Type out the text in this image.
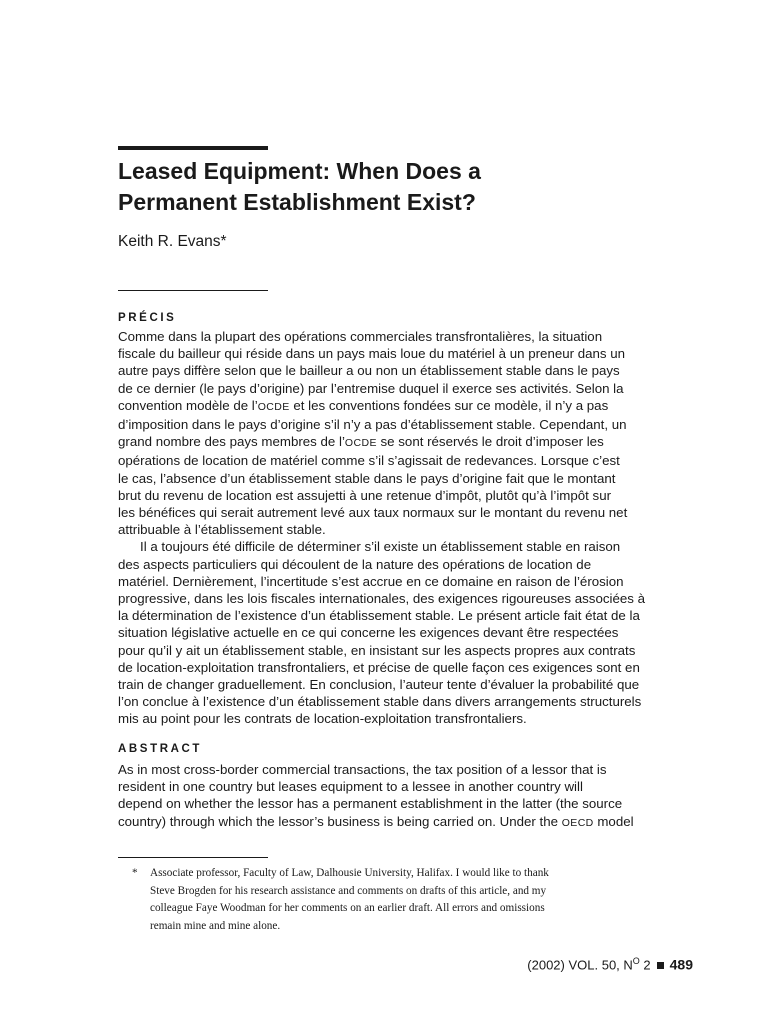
Leased Equipment: When Does a
Permanent Establishment Exist?

Keith R. Evans*

PRÉCIS

Comme dans la plupart des opérations commerciales transfrontalières, la situation
fiscale du bailleur qui réside dans un pays mais loue du matériel à un preneur dans un
autre pays diffère selon que le bailleur a ou non un établissement stable dans le pays
de ce dernier (le pays d’origine) par l’entremise duquel il exerce ses activités. Selon la
convention modèle de l’OCDE et les conventions fondées sur ce modèle, il n’y a pas
d’imposition dans le pays d’origine s’il n’y a pas d’établissement stable. Cependant, un
grand nombre des pays membres de l’OCDE se sont réservés le droit d’imposer les
opérations de location de matériel comme s’il s’agissait de redevances. Lorsque c’est
le cas, l’absence d’un établissement stable dans le pays d’origine fait que le montant
brut du revenu de location est assujetti à une retenue d’impôt, plutôt qu’à l’impôt sur
les bénéfices qui serait autrement levé aux taux normaux sur le montant du revenu net
attribuable à l’établissement stable.

Il a toujours été difficile de déterminer s’il existe un établissement stable en raison
des aspects particuliers qui découlent de la nature des opérations de location de
matériel. Dernièrement, l’incertitude s’est accrue en ce domaine en raison de l’érosion
progressive, dans les lois fiscales internationales, des exigences rigoureuses associées à
la détermination de l’existence d’un établissement stable. Le présent article fait état de la
situation législative actuelle en ce qui concerne les exigences devant être respectées
pour qu’il y ait un établissement stable, en insistant sur les aspects propres aux contrats
de location-exploitation transfrontaliers, et précise de quelle façon ces exigences sont en
train de changer graduellement. En conclusion, l’auteur tente d’évaluer la probabilité que
l’on conclue à l’existence d’un établissement stable dans divers arrangements structurels
mis au point pour les contrats de location-exploitation transfrontaliers.

ABSTRACT

As in most cross-border commercial transactions, the tax position of a lessor that is
resident in one country but leases equipment to a lessee in another country will
depend on whether the lessor has a permanent establishment in the latter (the source
country) through which the lessor’s business is being carried on. Under the OECD model

*	Associate professor, Faculty of Law, Dalhousie University, Halifax. I would like to thank
Steve Brogden for his research assistance and comments on drafts of this article, and my
colleague Faye Woodman for her comments on an earlier draft. All errors and omissions
remain mine and mine alone.
(2002) VOL. 50, $N^O$ 2 489
